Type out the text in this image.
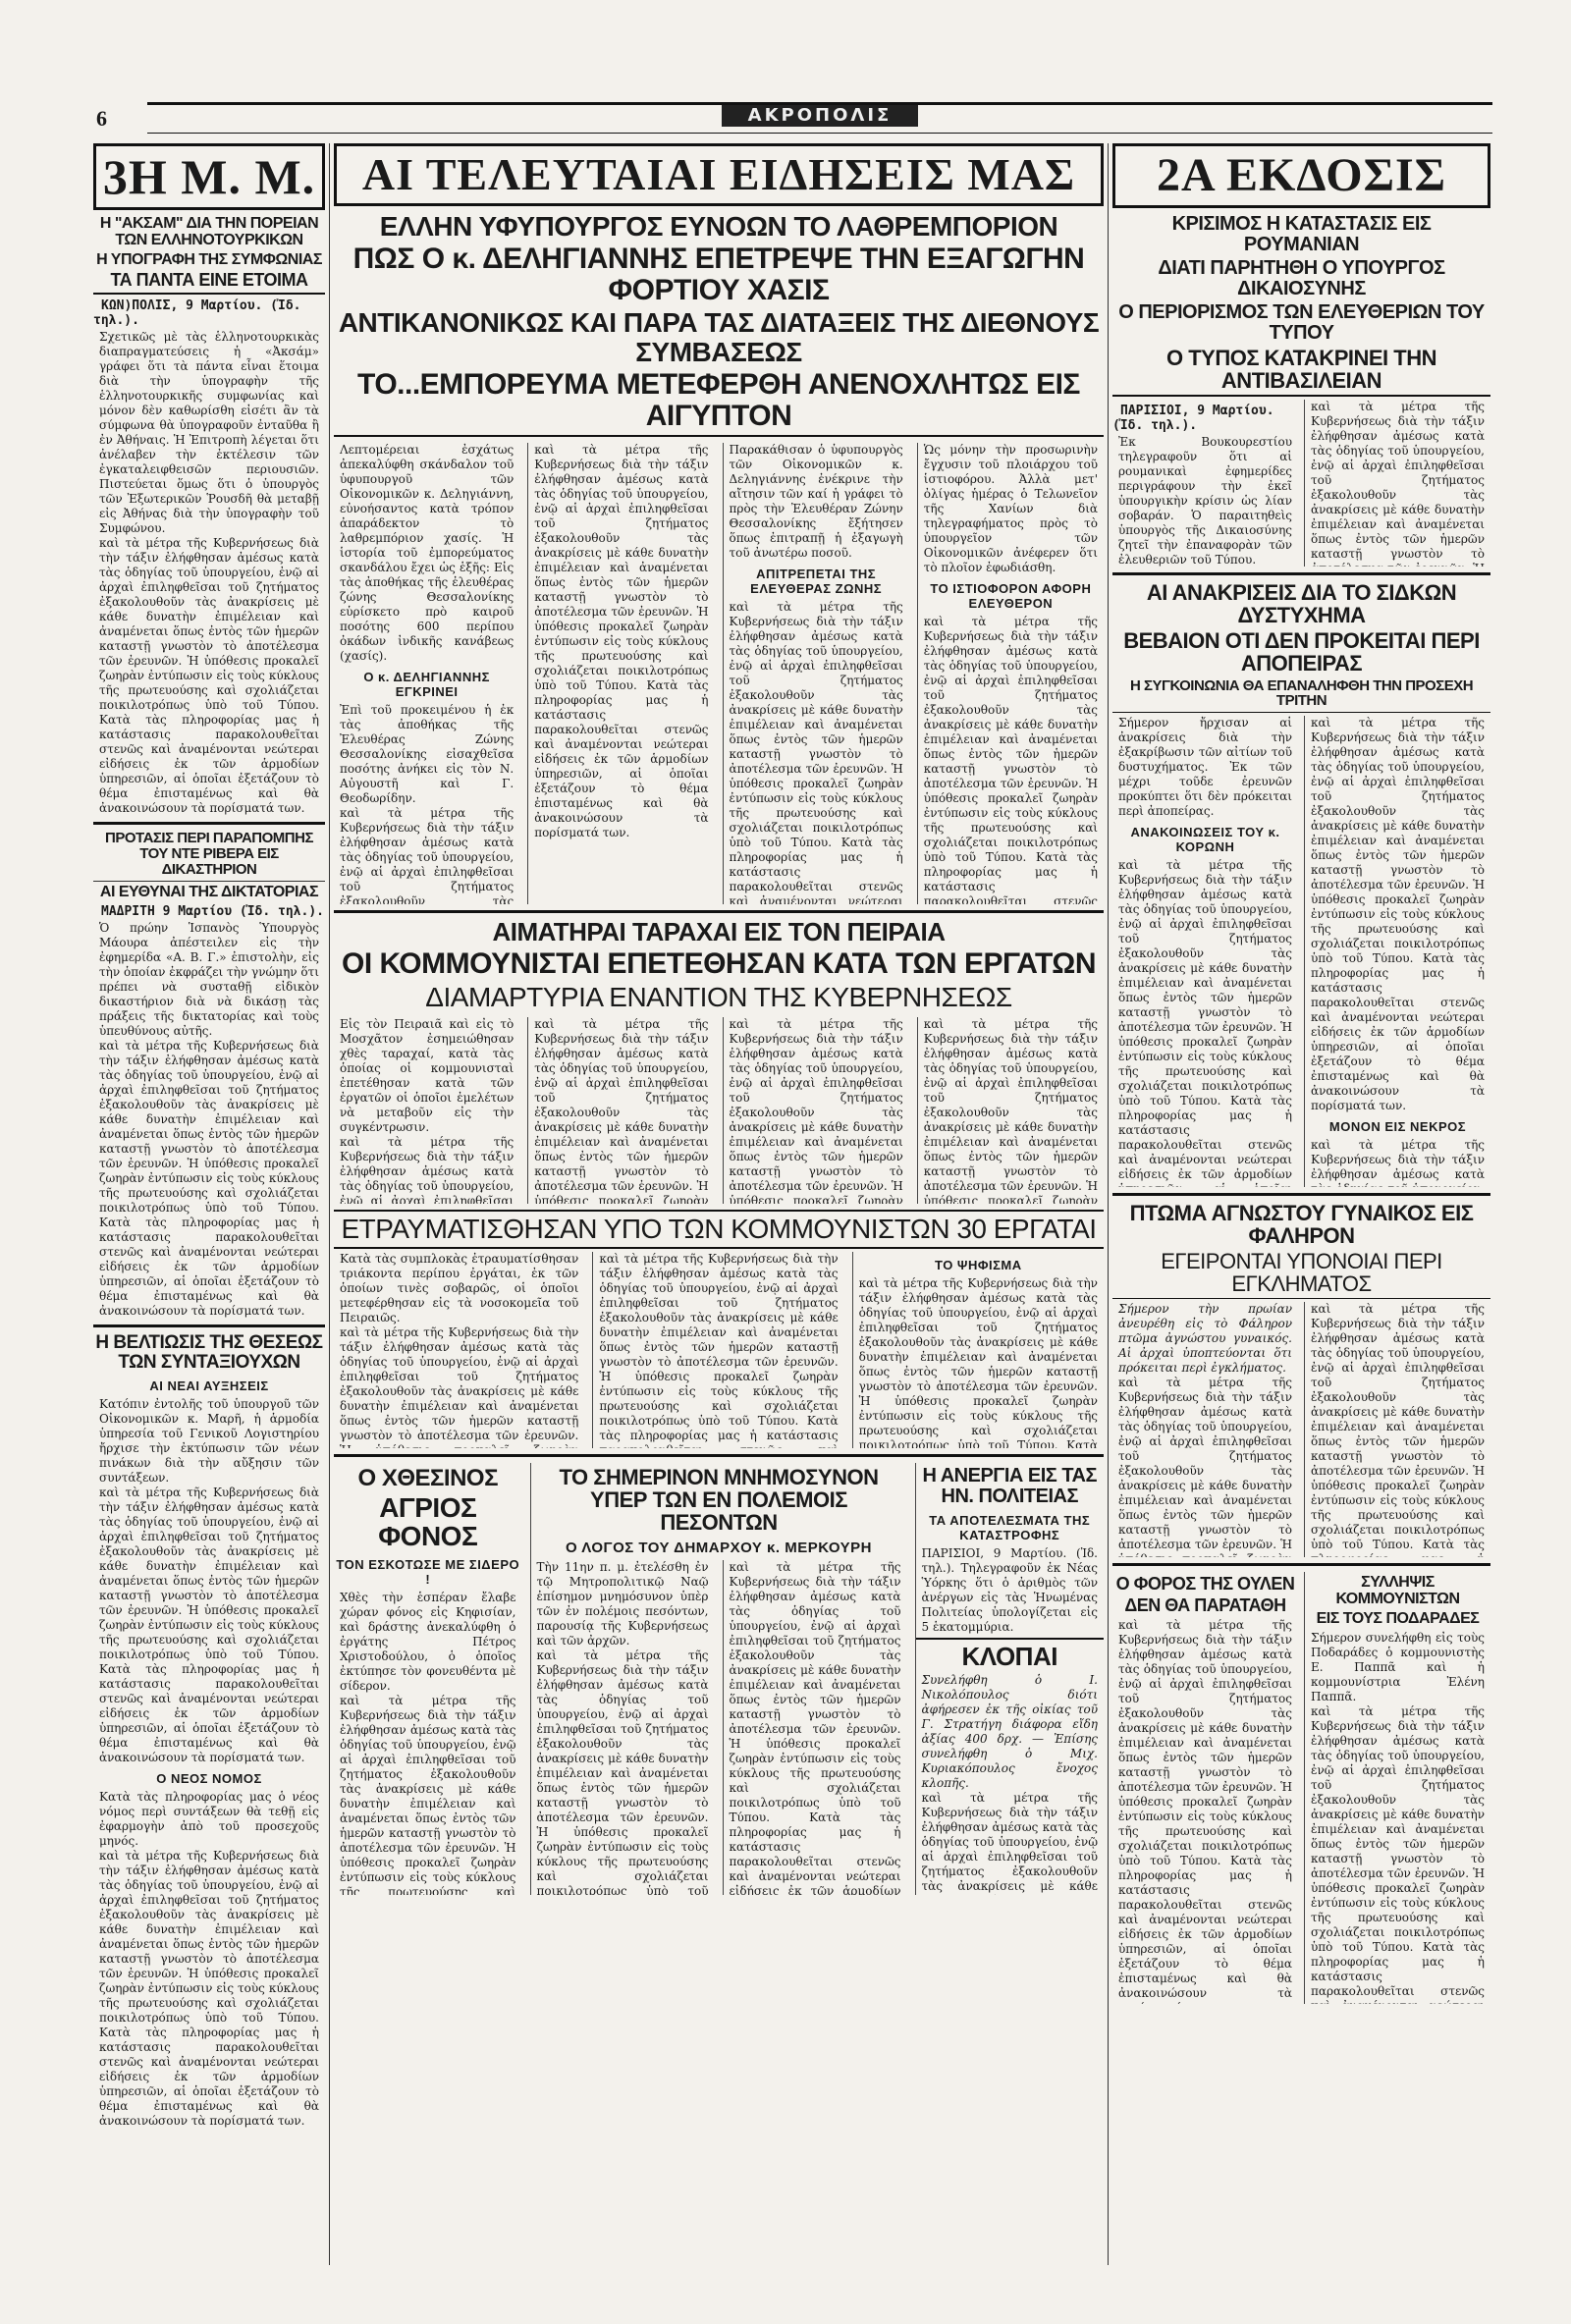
6	ΑΚΡΟΠΟΛΙΣ
3Η Μ. Μ.
Η "ΑΚΣΑΜ" ΔΙΑ ΤΗΝ ΠΟΡΕΙΑΝ ΤΩΝ ΕΛΛΗΝΟΤΟΥΡΚΙΚΩΝ
Η ΥΠΟΓΡΑΦΗ ΤΗΣ ΣΥΜΦΩΝΙΑΣ
ΤΑ ΠΑΝΤΑ ΕΙΝΕ ΕΤΟΙΜΑ
ΚΩΝ)ΠΟΛΙΣ, 9 Μαρτίου. (Ἰδ. τηλ.).

Σχετικῶς μὲ τὰς ἑλληνοτουρκικὰς διαπραγματεύσεις ἡ «Ἀκσάμ» γράφει ὅτι τὰ πάντα εἶναι ἕτοιμα διὰ τὴν ὑπογραφὴν τῆς ἑλληνοτουρκικῆς συμφωνίας καὶ μόνον δὲν καθωρίσθη εἰσέτι ἂν τὰ σύμφωνα θὰ ὑπογραφοῦν ἐνταῦθα ἢ ἐν Ἀθήναις. Ἡ Ἐπιτροπὴ λέγεται ὅτι ἀνέλαβεν τὴν ἐκτέλεσιν τῶν ἐγκαταλειφθεισῶν περιουσιῶν. Πιστεύεται ὅμως ὅτι ὁ ὑπουργὸς τῶν Ἐξωτερικῶν Ῥουσδῆ θὰ μεταβῇ εἰς Ἀθήνας διὰ τὴν ὑπογραφὴν τοῦ Συμφώνου.

καὶ τὰ μέτρα τῆς Κυβερνήσεως διὰ τὴν τάξιν ἐλήφθησαν ἀμέσως κατὰ τὰς ὁδηγίας τοῦ ὑπουργείου, ἐνῷ αἱ ἀρχαὶ ἐπιληφθεῖσαι τοῦ ζητήματος ἐξακολουθοῦν τὰς ἀνακρίσεις μὲ κάθε δυνατὴν ἐπιμέλειαν καὶ ἀναμένεται ὅπως ἐντὸς τῶν ἡμερῶν καταστῇ γνωστὸν τὸ ἀποτέλεσμα τῶν ἐρευνῶν. Ἡ ὑπόθεσις προκαλεῖ ζωηρὰν ἐντύπωσιν εἰς τοὺς κύκλους τῆς πρωτευούσης καὶ σχολιάζεται ποικιλοτρόπως ὑπὸ τοῦ Τύπου. Κατὰ τὰς πληροφορίας μας ἡ κατάστασις παρακολουθεῖται στενῶς καὶ ἀναμένονται νεώτεραι εἰδήσεις ἐκ τῶν ἁρμοδίων ὑπηρεσιῶν, αἱ ὁποῖαι ἐξετάζουν τὸ θέμα ἐπισταμένως καὶ θὰ ἀνακοινώσουν τὰ πορίσματά των.

ΠΡΟΤΑΣΙΣ ΠΕΡΙ ΠΑΡΑΠΟΜΠΗΣ ΤΟΥ ΝΤΕ ΡΙΒΕΡΑ ΕΙΣ ΔΙΚΑΣΤΗΡΙΟΝ
ΑΙ ΕΥΘΥΝΑΙ ΤΗΣ ΔΙΚΤΑΤΟΡΙΑΣ
ΜΑΔΡΙΤΗ 9 Μαρτίου (Ἰδ. τηλ.).

Ὁ πρώην Ἱσπανὸς Ὑπουργὸς Μάουρα ἀπέστειλεν εἰς τὴν ἐφημερίδα «Α. Β. Γ.» ἐπιστολὴν, εἰς τὴν ὁποίαν ἐκφράζει τὴν γνώμην ὅτι πρέπει νὰ συσταθῇ εἰδικὸν δικαστήριον διὰ νὰ δικάσῃ τὰς πράξεις τῆς δικτατορίας καὶ τοὺς ὑπευθύνους αὐτῆς.

καὶ τὰ μέτρα τῆς Κυβερνήσεως διὰ τὴν τάξιν ἐλήφθησαν ἀμέσως κατὰ τὰς ὁδηγίας τοῦ ὑπουργείου, ἐνῷ αἱ ἀρχαὶ ἐπιληφθεῖσαι τοῦ ζητήματος ἐξακολουθοῦν τὰς ἀνακρίσεις μὲ κάθε δυνατὴν ἐπιμέλειαν καὶ ἀναμένεται ὅπως ἐντὸς τῶν ἡμερῶν καταστῇ γνωστὸν τὸ ἀποτέλεσμα τῶν ἐρευνῶν. Ἡ ὑπόθεσις προκαλεῖ ζωηρὰν ἐντύπωσιν εἰς τοὺς κύκλους τῆς πρωτευούσης καὶ σχολιάζεται ποικιλοτρόπως ὑπὸ τοῦ Τύπου. Κατὰ τὰς πληροφορίας μας ἡ κατάστασις παρακολουθεῖται στενῶς καὶ ἀναμένονται νεώτεραι εἰδήσεις ἐκ τῶν ἁρμοδίων ὑπηρεσιῶν, αἱ ὁποῖαι ἐξετάζουν τὸ θέμα ἐπισταμένως καὶ θὰ ἀνακοινώσουν τὰ πορίσματά των.

Η ΒΕΛΤΙΩΣΙΣ ΤΗΣ ΘΕΣΕΩΣ ΤΩΝ ΣΥΝΤΑΞΙΟΥΧΩΝ
ΑΙ ΝΕΑΙ ΑΥΞΗΣΕΙΣ

Κατόπιν ἐντολῆς τοῦ ὑπουργοῦ τῶν Οἰκονομικῶν κ. Μαρῆ, ἡ ἁρμοδία ὑπηρεσία τοῦ Γενικοῦ Λογιστηρίου ἤρχισε τὴν ἐκτύπωσιν τῶν νέων πινάκων διὰ τὴν αὔξησιν τῶν συντάξεων.

καὶ τὰ μέτρα τῆς Κυβερνήσεως διὰ τὴν τάξιν ἐλήφθησαν ἀμέσως κατὰ τὰς ὁδηγίας τοῦ ὑπουργείου, ἐνῷ αἱ ἀρχαὶ ἐπιληφθεῖσαι τοῦ ζητήματος ἐξακολουθοῦν τὰς ἀνακρίσεις μὲ κάθε δυνατὴν ἐπιμέλειαν καὶ ἀναμένεται ὅπως ἐντὸς τῶν ἡμερῶν καταστῇ γνωστὸν τὸ ἀποτέλεσμα τῶν ἐρευνῶν. Ἡ ὑπόθεσις προκαλεῖ ζωηρὰν ἐντύπωσιν εἰς τοὺς κύκλους τῆς πρωτευούσης καὶ σχολιάζεται ποικιλοτρόπως ὑπὸ τοῦ Τύπου. Κατὰ τὰς πληροφορίας μας ἡ κατάστασις παρακολουθεῖται στενῶς καὶ ἀναμένονται νεώτεραι εἰδήσεις ἐκ τῶν ἁρμοδίων ὑπηρεσιῶν, αἱ ὁποῖαι ἐξετάζουν τὸ θέμα ἐπισταμένως καὶ θὰ ἀνακοινώσουν τὰ πορίσματά των.

Ο ΝΕΟΣ ΝΟΜΟΣ

Κατὰ τὰς πληροφορίας μας ὁ νέος νόμος περὶ συντάξεων θὰ τεθῇ εἰς ἐφαρμογὴν ἀπὸ τοῦ προσεχοῦς μηνός.

καὶ τὰ μέτρα τῆς Κυβερνήσεως διὰ τὴν τάξιν ἐλήφθησαν ἀμέσως κατὰ τὰς ὁδηγίας τοῦ ὑπουργείου, ἐνῷ αἱ ἀρχαὶ ἐπιληφθεῖσαι τοῦ ζητήματος ἐξακολουθοῦν τὰς ἀνακρίσεις μὲ κάθε δυνατὴν ἐπιμέλειαν καὶ ἀναμένεται ὅπως ἐντὸς τῶν ἡμερῶν καταστῇ γνωστὸν τὸ ἀποτέλεσμα τῶν ἐρευνῶν. Ἡ ὑπόθεσις προκαλεῖ ζωηρὰν ἐντύπωσιν εἰς τοὺς κύκλους τῆς πρωτευούσης καὶ σχολιάζεται ποικιλοτρόπως ὑπὸ τοῦ Τύπου. Κατὰ τὰς πληροφορίας μας ἡ κατάστασις παρακολουθεῖται στενῶς καὶ ἀναμένονται νεώτεραι εἰδήσεις ἐκ τῶν ἁρμοδίων ὑπηρεσιῶν, αἱ ὁποῖαι ἐξετάζουν τὸ θέμα ἐπισταμένως καὶ θὰ ἀνακοινώσουν τὰ πορίσματά των.

ΑΙ ΤΕΛΕΥΤΑΙΑΙ ΕΙΔΗΣΕΙΣ ΜΑΣ
ΕΛΛΗΝ ΥΦΥΠΟΥΡΓΟΣ ΕΥΝΟΩΝ ΤΟ ΛΑΘΡΕΜΠΟΡΙΟΝ
ΠΩΣ Ο κ. ΔΕΛΗΓΙΑΝΝΗΣ ΕΠΕΤΡΕΨΕ ΤΗΝ ΕΞΑΓΩΓΗΝ ΦΟΡΤΙΟΥ ΧΑΣΙΣ
ΑΝΤΙΚΑΝΟΝΙΚΩΣ ΚΑΙ ΠΑΡΑ ΤΑΣ ΔΙΑΤΑΞΕΙΣ ΤΗΣ ΔΙΕΘΝΟΥΣ ΣΥΜΒΑΣΕΩΣ
ΤΟ...ΕΜΠΟΡΕΥΜΑ ΜΕΤΕΦΕΡΘΗ ΑΝΕΝΟΧΛΗΤΩΣ ΕΙΣ ΑΙΓΥΠΤΟΝ

Λεπτομέρειαι ἐσχάτως ἀπεκαλύφθη σκάνδαλον τοῦ ὑφυπουργοῦ τῶν Οἰκονομικῶν κ. Δεληγιάννη, εὐνοήσαντος κατὰ τρόπον ἀπαράδεκτον τὸ λαθρεμπόριον χασίς. Ἡ ἱστορία τοῦ ἐμπορεύματος σκανδάλου ἔχει ὡς ἑξῆς: Εἰς τὰς ἀποθήκας τῆς ἐλευθέρας ζώνης Θεσσαλονίκης εὑρίσκετο πρὸ καιροῦ ποσότης 600 περίπου ὀκάδων ἰνδικῆς κανάβεως (χασίς).

Ο κ. ΔΕΛΗΓΙΑΝΝΗΣ ΕΓΚΡΙΝΕΙ

Ἐπὶ τοῦ προκειμένου ἡ ἐκ τὰς ἀποθήκας τῆς Ἐλευθέρας Ζώνης Θεσσαλονίκης εἰσαχθεῖσα ποσότης ἀνήκει εἰς τὸν Ν. Αὐγουστῆ καὶ Γ. Θεοδωρίδην.

καὶ τὰ μέτρα τῆς Κυβερνήσεως διὰ τὴν τάξιν ἐλήφθησαν ἀμέσως κατὰ τὰς ὁδηγίας τοῦ ὑπουργείου, ἐνῷ αἱ ἀρχαὶ ἐπιληφθεῖσαι τοῦ ζητήματος ἐξακολουθοῦν τὰς ἀνακρίσεις μὲ κάθε δυνατὴν ἐπιμέλειαν καὶ ἀναμένεται ὅπως ἐντὸς τῶν ἡμερῶν καταστῇ γνωστὸν τὸ ἀποτέλεσμα τῶν ἐρευνῶν. Ἡ ὑπόθεσις προκαλεῖ ζωηρὰν ἐντύπωσιν εἰς τοὺς κύκλους τῆς πρωτευούσης καὶ σχολιάζεται ποικιλοτρόπως ὑπὸ τοῦ Τύπου. Κατὰ τὰς πληροφορίας μας ἡ κατάστασις παρακολουθεῖται στενῶς καὶ ἀναμένονται νεώτεραι εἰδήσεις ἐκ τῶν ἁρμοδίων ὑπηρεσιῶν, αἱ ὁποῖαι ἐξετάζουν τὸ θέμα ἐπισταμένως καὶ θὰ ἀνακοινώσουν τὰ πορίσματά των.

καὶ τὰ μέτρα τῆς Κυβερνήσεως διὰ τὴν τάξιν ἐλήφθησαν ἀμέσως κατὰ τὰς ὁδηγίας τοῦ ὑπουργείου, ἐνῷ αἱ ἀρχαὶ ἐπιληφθεῖσαι τοῦ ζητήματος ἐξακολουθοῦν τὰς ἀνακρίσεις μὲ κάθε δυνατὴν ἐπιμέλειαν καὶ ἀναμένεται ὅπως ἐντὸς τῶν ἡμερῶν καταστῇ γνωστὸν τὸ ἀποτέλεσμα τῶν ἐρευνῶν. Ἡ ὑπόθεσις προκαλεῖ ζωηρὰν ἐντύπωσιν εἰς τοὺς κύκλους τῆς πρωτευούσης καὶ σχολιάζεται ποικιλοτρόπως ὑπὸ τοῦ Τύπου. Κατὰ τὰς πληροφορίας μας ἡ κατάστασις παρακολουθεῖται στενῶς καὶ ἀναμένονται νεώτεραι εἰδήσεις ἐκ τῶν ἁρμοδίων ὑπηρεσιῶν, αἱ ὁποῖαι ἐξετάζουν τὸ θέμα ἐπισταμένως καὶ θὰ ἀνακοινώσουν τὰ πορίσματά των.

Παρακάθισαν ὁ ὑφυπουργὸς τῶν Οἰκονομικῶν κ. Δεληγιάννης ἐνέκρινε τὴν αἴτησιν τῶν καί ἡ γράφει τὸ πρὸς τὴν Ἐλευθέραν Ζώνην Θεσσαλονίκης ἔξήτησεν ὅπως ἐπιτραπῇ ἡ ἐξαγωγὴ τοῦ ἀνωτέρω ποσοῦ.

ΑΠΙΤΡΕΠΕΤΑΙ ΤΗΣ ΕΛΕΥΘΕΡΑΣ ΖΩΝΗΣ

καὶ τὰ μέτρα τῆς Κυβερνήσεως διὰ τὴν τάξιν ἐλήφθησαν ἀμέσως κατὰ τὰς ὁδηγίας τοῦ ὑπουργείου, ἐνῷ αἱ ἀρχαὶ ἐπιληφθεῖσαι τοῦ ζητήματος ἐξακολουθοῦν τὰς ἀνακρίσεις μὲ κάθε δυνατὴν ἐπιμέλειαν καὶ ἀναμένεται ὅπως ἐντὸς τῶν ἡμερῶν καταστῇ γνωστὸν τὸ ἀποτέλεσμα τῶν ἐρευνῶν. Ἡ ὑπόθεσις προκαλεῖ ζωηρὰν ἐντύπωσιν εἰς τοὺς κύκλους τῆς πρωτευούσης καὶ σχολιάζεται ποικιλοτρόπως ὑπὸ τοῦ Τύπου. Κατὰ τὰς πληροφορίας μας ἡ κατάστασις παρακολουθεῖται στενῶς καὶ ἀναμένονται νεώτεραι εἰδήσεις ἐκ τῶν ἁρμοδίων ὑπηρεσιῶν, αἱ ὁποῖαι ἐξετάζουν τὸ θέμα ἐπισταμένως καὶ θὰ ἀνακοινώσουν τὰ πορίσματά των.

Ὡς μόνην τὴν προσωρινὴν ἔγχυσιν τοῦ πλοιάρχου τοῦ ἱστιοφόρου. Ἀλλὰ μετ' ὀλίγας ἡμέρας ὁ Τελωνεῖον τῆς Χανίων διὰ τηλεγραφήματος πρὸς τὸ ὑπουργεῖον τῶν Οἰκονομικῶν ἀνέφερεν ὅτι τὸ πλοῖον ἐφωδιάσθη.

ΤΟ ΙΣΤΙΟΦΟΡΟΝ ΑΦΟΡΗ ΕΛΕΥΘΕΡΟΝ

καὶ τὰ μέτρα τῆς Κυβερνήσεως διὰ τὴν τάξιν ἐλήφθησαν ἀμέσως κατὰ τὰς ὁδηγίας τοῦ ὑπουργείου, ἐνῷ αἱ ἀρχαὶ ἐπιληφθεῖσαι τοῦ ζητήματος ἐξακολουθοῦν τὰς ἀνακρίσεις μὲ κάθε δυνατὴν ἐπιμέλειαν καὶ ἀναμένεται ὅπως ἐντὸς τῶν ἡμερῶν καταστῇ γνωστὸν τὸ ἀποτέλεσμα τῶν ἐρευνῶν. Ἡ ὑπόθεσις προκαλεῖ ζωηρὰν ἐντύπωσιν εἰς τοὺς κύκλους τῆς πρωτευούσης καὶ σχολιάζεται ποικιλοτρόπως ὑπὸ τοῦ Τύπου. Κατὰ τὰς πληροφορίας μας ἡ κατάστασις παρακολουθεῖται στενῶς καὶ ἀναμένονται νεώτεραι εἰδήσεις ἐκ τῶν ἁρμοδίων ὑπηρεσιῶν, αἱ ὁποῖαι ἐξετάζουν τὸ θέμα ἐπισταμένως καὶ θὰ ἀνακοινώσουν τὰ πορίσματά των.

ΑΙΜΑΤΗΡΑΙ ΤΑΡΑΧΑΙ ΕΙΣ ΤΟΝ ΠΕΙΡΑΙΑ
ΟΙ ΚΟΜΜΟΥΝΙΣΤΑΙ ΕΠΕΤΕΘΗΣΑΝ ΚΑΤΑ ΤΩΝ ΕΡΓΑΤΩΝ
ΔΙΑΜΑΡΤΥΡΙΑ ΕΝΑΝΤΙΟΝ ΤΗΣ ΚΥΒΕΡΝΗΣΕΩΣ

Εἰς τὸν Πειραιᾶ καὶ εἰς τὸ Μοσχᾶτον ἐσημειώθησαν χθὲς ταραχαί, κατὰ τὰς ὁποίας οἱ κομμουνισταὶ ἐπετέθησαν κατὰ τῶν ἐργατῶν οἱ ὁποῖοι ἐμελέτων νὰ μεταβοῦν εἰς τὴν συγκέντρωσιν.

καὶ τὰ μέτρα τῆς Κυβερνήσεως διὰ τὴν τάξιν ἐλήφθησαν ἀμέσως κατὰ τὰς ὁδηγίας τοῦ ὑπουργείου, ἐνῷ αἱ ἀρχαὶ ἐπιληφθεῖσαι τοῦ ζητήματος ἐξακολουθοῦν τὰς ἀνακρίσεις μὲ κάθε δυνατὴν ἐπιμέλειαν καὶ ἀναμένεται ὅπως ἐντὸς τῶν ἡμερῶν καταστῇ γνωστὸν τὸ ἀποτέλεσμα τῶν ἐρευνῶν. Ἡ ὑπόθεσις προκαλεῖ ζωηρὰν ἐντύπωσιν εἰς τοὺς κύκλους τῆς πρωτευούσης καὶ σχολιάζεται ποικιλοτρόπως ὑπὸ τοῦ Τύπου. Κατὰ τὰς πληροφορίας μας ἡ κατάστασις παρακολουθεῖται στενῶς καὶ ἀναμένονται νεώτεραι εἰδήσεις ἐκ τῶν ἁρμοδίων ὑπηρεσιῶν, αἱ ὁποῖαι ἐξετάζουν τὸ θέμα ἐπισταμένως καὶ θὰ ἀνακοινώσουν τὰ πορίσματά των.

καὶ τὰ μέτρα τῆς Κυβερνήσεως διὰ τὴν τάξιν ἐλήφθησαν ἀμέσως κατὰ τὰς ὁδηγίας τοῦ ὑπουργείου, ἐνῷ αἱ ἀρχαὶ ἐπιληφθεῖσαι τοῦ ζητήματος ἐξακολουθοῦν τὰς ἀνακρίσεις μὲ κάθε δυνατὴν ἐπιμέλειαν καὶ ἀναμένεται ὅπως ἐντὸς τῶν ἡμερῶν καταστῇ γνωστὸν τὸ ἀποτέλεσμα τῶν ἐρευνῶν. Ἡ ὑπόθεσις προκαλεῖ ζωηρὰν ἐντύπωσιν εἰς τοὺς κύκλους τῆς πρωτευούσης καὶ σχολιάζεται ποικιλοτρόπως ὑπὸ τοῦ Τύπου. Κατὰ τὰς πληροφορίας μας ἡ κατάστασις παρακολουθεῖται στενῶς καὶ ἀναμένονται νεώτεραι εἰδήσεις ἐκ τῶν ἁρμοδίων ὑπηρεσιῶν, αἱ ὁποῖαι ἐξετάζουν τὸ θέμα ἐπισταμένως καὶ θὰ ἀνακοινώσουν τὰ πορίσματά των.

καὶ τὰ μέτρα τῆς Κυβερνήσεως διὰ τὴν τάξιν ἐλήφθησαν ἀμέσως κατὰ τὰς ὁδηγίας τοῦ ὑπουργείου, ἐνῷ αἱ ἀρχαὶ ἐπιληφθεῖσαι τοῦ ζητήματος ἐξακολουθοῦν τὰς ἀνακρίσεις μὲ κάθε δυνατὴν ἐπιμέλειαν καὶ ἀναμένεται ὅπως ἐντὸς τῶν ἡμερῶν καταστῇ γνωστὸν τὸ ἀποτέλεσμα τῶν ἐρευνῶν. Ἡ ὑπόθεσις προκαλεῖ ζωηρὰν ἐντύπωσιν εἰς τοὺς κύκλους τῆς πρωτευούσης καὶ σχολιάζεται ποικιλοτρόπως ὑπὸ τοῦ Τύπου. Κατὰ τὰς πληροφορίας μας ἡ κατάστασις παρακολουθεῖται στενῶς καὶ ἀναμένονται νεώτεραι εἰδήσεις ἐκ τῶν ἁρμοδίων ὑπηρεσιῶν, αἱ ὁποῖαι ἐξετάζουν τὸ θέμα ἐπισταμένως καὶ θὰ ἀνακοινώσουν τὰ πορίσματά των.

καὶ τὰ μέτρα τῆς Κυβερνήσεως διὰ τὴν τάξιν ἐλήφθησαν ἀμέσως κατὰ τὰς ὁδηγίας τοῦ ὑπουργείου, ἐνῷ αἱ ἀρχαὶ ἐπιληφθεῖσαι τοῦ ζητήματος ἐξακολουθοῦν τὰς ἀνακρίσεις μὲ κάθε δυνατὴν ἐπιμέλειαν καὶ ἀναμένεται ὅπως ἐντὸς τῶν ἡμερῶν καταστῇ γνωστὸν τὸ ἀποτέλεσμα τῶν ἐρευνῶν. Ἡ ὑπόθεσις προκαλεῖ ζωηρὰν ἐντύπωσιν εἰς τοὺς κύκλους τῆς πρωτευούσης καὶ σχολιάζεται ποικιλοτρόπως ὑπὸ τοῦ Τύπου. Κατὰ τὰς πληροφορίας μας ἡ κατάστασις παρακολουθεῖται στενῶς καὶ ἀναμένονται νεώτεραι εἰδήσεις ἐκ τῶν ἁρμοδίων ὑπηρεσιῶν, αἱ ὁποῖαι ἐξετάζουν τὸ θέμα ἐπισταμένως καὶ θὰ ἀνακοινώσουν τὰ πορίσματά των.

ΕΤΡΑΥΜΑΤΙΣΘΗΣΑΝ ΥΠΟ ΤΩΝ ΚΟΜΜΟΥΝΙΣΤΩΝ 30 ΕΡΓΑΤΑΙ

Κατὰ τὰς συμπλοκὰς ἐτραυματίσθησαν τριάκοντα περίπου ἐργάται, ἐκ τῶν ὁποίων τινὲς σοβαρῶς, οἱ ὁποῖοι μετεφέρθησαν εἰς τὰ νοσοκομεῖα τοῦ Πειραιῶς.

καὶ τὰ μέτρα τῆς Κυβερνήσεως διὰ τὴν τάξιν ἐλήφθησαν ἀμέσως κατὰ τὰς ὁδηγίας τοῦ ὑπουργείου, ἐνῷ αἱ ἀρχαὶ ἐπιληφθεῖσαι τοῦ ζητήματος ἐξακολουθοῦν τὰς ἀνακρίσεις μὲ κάθε δυνατὴν ἐπιμέλειαν καὶ ἀναμένεται ὅπως ἐντὸς τῶν ἡμερῶν καταστῇ γνωστὸν τὸ ἀποτέλεσμα τῶν ἐρευνῶν. Ἡ ὑπόθεσις προκαλεῖ ζωηρὰν ἐντύπωσιν εἰς τοὺς κύκλους τῆς πρωτευούσης καὶ σχολιάζεται ποικιλοτρόπως ὑπὸ τοῦ Τύπου. Κατὰ τὰς πληροφορίας μας ἡ κατάστασις παρακολουθεῖται στενῶς καὶ ἀναμένονται νεώτεραι εἰδήσεις ἐκ τῶν ἁρμοδίων ὑπηρεσιῶν, αἱ ὁποῖαι ἐξετάζουν τὸ θέμα ἐπισταμένως καὶ θὰ ἀνακοινώσουν τὰ πορίσματά των.

καὶ τὰ μέτρα τῆς Κυβερνήσεως διὰ τὴν τάξιν ἐλήφθησαν ἀμέσως κατὰ τὰς ὁδηγίας τοῦ ὑπουργείου, ἐνῷ αἱ ἀρχαὶ ἐπιληφθεῖσαι τοῦ ζητήματος ἐξακολουθοῦν τὰς ἀνακρίσεις μὲ κάθε δυνατὴν ἐπιμέλειαν καὶ ἀναμένεται ὅπως ἐντὸς τῶν ἡμερῶν καταστῇ γνωστὸν τὸ ἀποτέλεσμα τῶν ἐρευνῶν. Ἡ ὑπόθεσις προκαλεῖ ζωηρὰν ἐντύπωσιν εἰς τοὺς κύκλους τῆς πρωτευούσης καὶ σχολιάζεται ποικιλοτρόπως ὑπὸ τοῦ Τύπου. Κατὰ τὰς πληροφορίας μας ἡ κατάστασις παρακολουθεῖται στενῶς καὶ ἀναμένονται νεώτεραι εἰδήσεις ἐκ τῶν ἁρμοδίων ὑπηρεσιῶν, αἱ ὁποῖαι ἐξετάζουν τὸ θέμα ἐπισταμένως καὶ θὰ ἀνακοινώσουν τὰ πορίσματά των.

ΤΟ ΨΗΦΙΣΜΑ

καὶ τὰ μέτρα τῆς Κυβερνήσεως διὰ τὴν τάξιν ἐλήφθησαν ἀμέσως κατὰ τὰς ὁδηγίας τοῦ ὑπουργείου, ἐνῷ αἱ ἀρχαὶ ἐπιληφθεῖσαι τοῦ ζητήματος ἐξακολουθοῦν τὰς ἀνακρίσεις μὲ κάθε δυνατὴν ἐπιμέλειαν καὶ ἀναμένεται ὅπως ἐντὸς τῶν ἡμερῶν καταστῇ γνωστὸν τὸ ἀποτέλεσμα τῶν ἐρευνῶν. Ἡ ὑπόθεσις προκαλεῖ ζωηρὰν ἐντύπωσιν εἰς τοὺς κύκλους τῆς πρωτευούσης καὶ σχολιάζεται ποικιλοτρόπως ὑπὸ τοῦ Τύπου. Κατὰ τὰς πληροφορίας μας ἡ κατάστασις παρακολουθεῖται στενῶς καὶ ἀναμένονται νεώτεραι εἰδήσεις ἐκ τῶν ἁρμοδίων ὑπηρεσιῶν, αἱ ὁποῖαι ἐξετάζουν τὸ θέμα ἐπισταμένως καὶ θὰ ἀνακοινώσουν τὰ πορίσματά των.

Ο ΧΘΕΣΙΝΟΣ
ΑΓΡΙΟΣ ΦΟΝΟΣ
ΤΟΝ ΕΣΚΟΤΩΣΕ ΜΕ ΣΙΔΕΡΟ !

Χθὲς τὴν ἑσπέραν ἔλαβε χώραν φόνος εἰς Κηφισίαν, καὶ δράστης ἀνεκαλύφθη ὁ ἐργάτης Πέτρος Χριστοδούλου, ὁ ὁποῖος ἐκτύπησε τὸν φονευθέντα μὲ σίδερον.

καὶ τὰ μέτρα τῆς Κυβερνήσεως διὰ τὴν τάξιν ἐλήφθησαν ἀμέσως κατὰ τὰς ὁδηγίας τοῦ ὑπουργείου, ἐνῷ αἱ ἀρχαὶ ἐπιληφθεῖσαι τοῦ ζητήματος ἐξακολουθοῦν τὰς ἀνακρίσεις μὲ κάθε δυνατὴν ἐπιμέλειαν καὶ ἀναμένεται ὅπως ἐντὸς τῶν ἡμερῶν καταστῇ γνωστὸν τὸ ἀποτέλεσμα τῶν ἐρευνῶν. Ἡ ὑπόθεσις προκαλεῖ ζωηρὰν ἐντύπωσιν εἰς τοὺς κύκλους τῆς πρωτευούσης καὶ σχολιάζεται ποικιλοτρόπως ὑπὸ τοῦ Τύπου. Κατὰ τὰς πληροφορίας μας ἡ κατάστασις παρακολουθεῖται στενῶς καὶ ἀναμένονται νεώτεραι εἰδήσεις ἐκ τῶν ἁρμοδίων ὑπηρεσιῶν, αἱ ὁποῖαι ἐξετάζουν τὸ θέμα ἐπισταμένως καὶ θὰ ἀνακοινώσουν τὰ πορίσματά των.

ΤΟ ΣΗΜΕΡΙΝΟΝ ΜΝΗΜΟΣΥΝΟΝ ΥΠΕΡ ΤΩΝ ΕΝ ΠΟΛΕΜΟΙΣ ΠΕΣΟΝΤΩΝ
Ο ΛΟΓΟΣ ΤΟΥ ΔΗΜΑΡΧΟΥ κ. ΜΕΡΚΟΥΡΗ

Τὴν 11ην π. μ. ἐτελέσθη ἐν τῷ Μητροπολιτικῷ Ναῷ ἐπίσημον μνημόσυνον ὑπὲρ τῶν ἐν πολέμοις πεσόντων, παρουσίᾳ τῆς Κυβερνήσεως καὶ τῶν ἀρχῶν.

καὶ τὰ μέτρα τῆς Κυβερνήσεως διὰ τὴν τάξιν ἐλήφθησαν ἀμέσως κατὰ τὰς ὁδηγίας τοῦ ὑπουργείου, ἐνῷ αἱ ἀρχαὶ ἐπιληφθεῖσαι τοῦ ζητήματος ἐξακολουθοῦν τὰς ἀνακρίσεις μὲ κάθε δυνατὴν ἐπιμέλειαν καὶ ἀναμένεται ὅπως ἐντὸς τῶν ἡμερῶν καταστῇ γνωστὸν τὸ ἀποτέλεσμα τῶν ἐρευνῶν. Ἡ ὑπόθεσις προκαλεῖ ζωηρὰν ἐντύπωσιν εἰς τοὺς κύκλους τῆς πρωτευούσης καὶ σχολιάζεται ποικιλοτρόπως ὑπὸ τοῦ Τύπου. Κατὰ τὰς πληροφορίας μας ἡ κατάστασις παρακολουθεῖται στενῶς καὶ ἀναμένονται νεώτεραι εἰδήσεις ἐκ τῶν ἁρμοδίων ὑπηρεσιῶν, αἱ ὁποῖαι ἐξετάζουν τὸ θέμα ἐπισταμένως καὶ θὰ ἀνακοινώσουν τὰ πορίσματά των.

καὶ τὰ μέτρα τῆς Κυβερνήσεως διὰ τὴν τάξιν ἐλήφθησαν ἀμέσως κατὰ τὰς ὁδηγίας τοῦ ὑπουργείου, ἐνῷ αἱ ἀρχαὶ ἐπιληφθεῖσαι τοῦ ζητήματος ἐξακολουθοῦν τὰς ἀνακρίσεις μὲ κάθε δυνατὴν ἐπιμέλειαν καὶ ἀναμένεται ὅπως ἐντὸς τῶν ἡμερῶν καταστῇ γνωστὸν τὸ ἀποτέλεσμα τῶν ἐρευνῶν. Ἡ ὑπόθεσις προκαλεῖ ζωηρὰν ἐντύπωσιν εἰς τοὺς κύκλους τῆς πρωτευούσης καὶ σχολιάζεται ποικιλοτρόπως ὑπὸ τοῦ Τύπου. Κατὰ τὰς πληροφορίας μας ἡ κατάστασις παρακολουθεῖται στενῶς καὶ ἀναμένονται νεώτεραι εἰδήσεις ἐκ τῶν ἁρμοδίων ὑπηρεσιῶν, αἱ ὁποῖαι ἐξετάζουν τὸ θέμα ἐπισταμένως καὶ θὰ ἀνακοινώσουν τὰ πορίσματά των.

Η ΑΝΕΡΓΙΑ ΕΙΣ ΤΑΣ ΗΝ. ΠΟΛΙΤΕΙΑΣ
ΤΑ ΑΠΟΤΕΛΕΣΜΑΤΑ ΤΗΣ ΚΑΤΑΣΤΡΟΦΗΣ

ΠΑΡΙΣΙΟΙ, 9 Μαρτίου. (Ἰδ. τηλ.). Τηλεγραφοῦν ἐκ Νέας Ὑόρκης ὅτι ὁ ἀριθμὸς τῶν ἀνέργων εἰς τὰς Ἡνωμένας Πολιτείας ὑπολογίζεται εἰς 5 ἑκατομμύρια.

ΚΛΟΠΑΙ

Συνελήφθη ὁ Ι. Νικολόπουλος διότι ἀφήρεσεν ἐκ τῆς οἰκίας τοῦ Γ. Στρατήγη διάφορα εἴδη ἀξίας 400 δρχ. — Ἐπίσης συνελήφθη ὁ Μιχ. Κυριακόπουλος ἔνοχος κλοπῆς.

καὶ τὰ μέτρα τῆς Κυβερνήσεως διὰ τὴν τάξιν ἐλήφθησαν ἀμέσως κατὰ τὰς ὁδηγίας τοῦ ὑπουργείου, ἐνῷ αἱ ἀρχαὶ ἐπιληφθεῖσαι τοῦ ζητήματος ἐξακολουθοῦν τὰς ἀνακρίσεις μὲ κάθε δυνατὴν ἐπιμέλειαν καὶ ἀναμένεται ὅπως ἐντὸς τῶν ἡμερῶν καταστῇ γνωστὸν τὸ ἀποτέλεσμα τῶν ἐρευνῶν. Ἡ ὑπόθεσις προκαλεῖ ζωηρὰν ἐντύπωσιν εἰς τοὺς κύκλους τῆς πρωτευούσης καὶ σχολιάζεται ποικιλοτρόπως ὑπὸ τοῦ Τύπου. Κατὰ τὰς πληροφορίας μας ἡ κατάστασις παρακολουθεῖται στενῶς καὶ ἀναμένονται νεώτεραι εἰδήσεις ἐκ τῶν ἁρμοδίων ὑπηρεσιῶν, αἱ ὁποῖαι ἐξετάζουν τὸ θέμα ἐπισταμένως καὶ θὰ ἀνακοινώσουν τὰ πορίσματά των.

2Α ΕΚΔΟΣΙΣ
ΚΡΙΣΙΜΟΣ Η ΚΑΤΑΣΤΑΣΙΣ ΕΙΣ ΡΟΥΜΑΝΙΑΝ
ΔΙΑΤΙ ΠΑΡΗΤΗΘΗ Ο ΥΠΟΥΡΓΟΣ ΔΙΚΑΙΟΣΥΝΗΣ
Ο ΠΕΡΙΟΡΙΣΜΟΣ ΤΩΝ ΕΛΕΥΘΕΡΙΩΝ ΤΟΥ ΤΥΠΟΥ
Ο ΤΥΠΟΣ ΚΑΤΑΚΡΙΝΕΙ ΤΗΝ ΑΝΤΙΒΑΣΙΛΕΙΑΝ
ΠΑΡΙΣΙΟΙ, 9 Μαρτίου. (Ἰδ. τηλ.).

Ἐκ Βουκουρεστίου τηλεγραφοῦν ὅτι αἱ ρουμανικαὶ ἐφημερίδες περιγράφουν τὴν ἐκεῖ ὑπουργικὴν κρίσιν ὡς λίαν σοβαράν. Ὁ παραιτηθεὶς ὑπουργὸς τῆς Δικαιοσύνης ζητεῖ τὴν ἐπαναφορὰν τῶν ἐλευθεριῶν τοῦ Τύπου.

καὶ τὰ μέτρα τῆς Κυβερνήσεως διὰ τὴν τάξιν ἐλήφθησαν ἀμέσως κατὰ τὰς ὁδηγίας τοῦ ὑπουργείου, ἐνῷ αἱ ἀρχαὶ ἐπιληφθεῖσαι τοῦ ζητήματος ἐξακολουθοῦν τὰς ἀνακρίσεις μὲ κάθε δυνατὴν ἐπιμέλειαν καὶ ἀναμένεται ὅπως ἐντὸς τῶν ἡμερῶν καταστῇ γνωστὸν τὸ ἀποτέλεσμα τῶν ἐρευνῶν. Ἡ ὑπόθεσις προκαλεῖ ζωηρὰν ἐντύπωσιν εἰς τοὺς κύκλους τῆς πρωτευούσης καὶ σχολιάζεται ποικιλοτρόπως ὑπὸ τοῦ Τύπου. Κατὰ τὰς πληροφορίας μας ἡ κατάστασις παρακολουθεῖται στενῶς καὶ ἀναμένονται νεώτεραι εἰδήσεις ἐκ τῶν ἁρμοδίων ὑπηρεσιῶν, αἱ ὁποῖαι ἐξετάζουν τὸ θέμα ἐπισταμένως καὶ θὰ ἀνακοινώσουν τὰ πορίσματά των.

ΑΙ ΑΝΑΚΡΙΣΕΙΣ ΔΙΑ ΤΟ ΣΙΔΚΩΝ ΔΥΣΤΥΧΗΜΑ
ΒΕΒΑΙΟΝ ΟΤΙ ΔΕΝ ΠΡΟΚΕΙΤΑΙ ΠΕΡΙ ΑΠΟΠΕΙΡΑΣ
Η ΣΥΓΚΟΙΝΩΝΙΑ ΘΑ ΕΠΑΝΑΛΗΦΘΗ ΤΗΝ ΠΡΟΣΕΧΗ ΤΡΙΤΗΝ

Σήμερον ἤρχισαν αἱ ἀνακρίσεις διὰ τὴν ἐξακρίβωσιν τῶν αἰτίων τοῦ δυστυχήματος. Ἐκ τῶν μέχρι τοῦδε ἐρευνῶν προκύπτει ὅτι δὲν πρόκειται περὶ ἀποπείρας.

ΑΝΑΚΟΙΝΩΣΕΙΣ ΤΟΥ κ. ΚΟΡΩΝΗ

καὶ τὰ μέτρα τῆς Κυβερνήσεως διὰ τὴν τάξιν ἐλήφθησαν ἀμέσως κατὰ τὰς ὁδηγίας τοῦ ὑπουργείου, ἐνῷ αἱ ἀρχαὶ ἐπιληφθεῖσαι τοῦ ζητήματος ἐξακολουθοῦν τὰς ἀνακρίσεις μὲ κάθε δυνατὴν ἐπιμέλειαν καὶ ἀναμένεται ὅπως ἐντὸς τῶν ἡμερῶν καταστῇ γνωστὸν τὸ ἀποτέλεσμα τῶν ἐρευνῶν. Ἡ ὑπόθεσις προκαλεῖ ζωηρὰν ἐντύπωσιν εἰς τοὺς κύκλους τῆς πρωτευούσης καὶ σχολιάζεται ποικιλοτρόπως ὑπὸ τοῦ Τύπου. Κατὰ τὰς πληροφορίας μας ἡ κατάστασις παρακολουθεῖται στενῶς καὶ ἀναμένονται νεώτεραι εἰδήσεις ἐκ τῶν ἁρμοδίων ὑπηρεσιῶν, αἱ ὁποῖαι ἐξετάζουν τὸ θέμα ἐπισταμένως καὶ θὰ ἀνακοινώσουν τὰ πορίσματά των.

καὶ τὰ μέτρα τῆς Κυβερνήσεως διὰ τὴν τάξιν ἐλήφθησαν ἀμέσως κατὰ τὰς ὁδηγίας τοῦ ὑπουργείου, ἐνῷ αἱ ἀρχαὶ ἐπιληφθεῖσαι τοῦ ζητήματος ἐξακολουθοῦν τὰς ἀνακρίσεις μὲ κάθε δυνατὴν ἐπιμέλειαν καὶ ἀναμένεται ὅπως ἐντὸς τῶν ἡμερῶν καταστῇ γνωστὸν τὸ ἀποτέλεσμα τῶν ἐρευνῶν. Ἡ ὑπόθεσις προκαλεῖ ζωηρὰν ἐντύπωσιν εἰς τοὺς κύκλους τῆς πρωτευούσης καὶ σχολιάζεται ποικιλοτρόπως ὑπὸ τοῦ Τύπου. Κατὰ τὰς πληροφορίας μας ἡ κατάστασις παρακολουθεῖται στενῶς καὶ ἀναμένονται νεώτεραι εἰδήσεις ἐκ τῶν ἁρμοδίων ὑπηρεσιῶν, αἱ ὁποῖαι ἐξετάζουν τὸ θέμα ἐπισταμένως καὶ θὰ ἀνακοινώσουν τὰ πορίσματά των.

ΜΟΝΟΝ ΕΙΣ ΝΕΚΡΟΣ

καὶ τὰ μέτρα τῆς Κυβερνήσεως διὰ τὴν τάξιν ἐλήφθησαν ἀμέσως κατὰ τὰς ὁδηγίας τοῦ ὑπουργείου, ἐνῷ αἱ ἀρχαὶ ἐπιληφθεῖσαι τοῦ ζητήματος ἐξακολουθοῦν τὰς ἀνακρίσεις μὲ κάθε δυνατὴν ἐπιμέλειαν καὶ ἀναμένεται ὅπως ἐντὸς τῶν ἡμερῶν καταστῇ γνωστὸν τὸ ἀποτέλεσμα τῶν ἐρευνῶν. Ἡ ὑπόθεσις προκαλεῖ ζωηρὰν ἐντύπωσιν εἰς τοὺς κύκλους τῆς πρωτευούσης καὶ σχολιάζεται ποικιλοτρόπως ὑπὸ τοῦ Τύπου. Κατὰ τὰς πληροφορίας μας ἡ κατάστασις παρακολουθεῖται στενῶς καὶ ἀναμένονται νεώτεραι εἰδήσεις ἐκ τῶν ἁρμοδίων ὑπηρεσιῶν, αἱ ὁποῖαι ἐξετάζουν τὸ θέμα ἐπισταμένως καὶ θὰ ἀνακοινώσουν τὰ πορίσματά των.

ΠΤΩΜΑ ΑΓΝΩΣΤΟΥ ΓΥΝΑΙΚΟΣ ΕΙΣ ΦΑΛΗΡΟΝ
ΕΓΕΙΡΟΝΤΑΙ ΥΠΟΝΟΙΑΙ ΠΕΡΙ ΕΓΚΛΗΜΑΤΟΣ

Σήμερον τὴν πρωίαν ἀνευρέθη εἰς τὸ Φάληρον πτῶμα ἀγνώστου γυναικός. Αἱ ἀρχαὶ ὑποπτεύονται ὅτι πρόκειται περὶ ἐγκλήματος.

καὶ τὰ μέτρα τῆς Κυβερνήσεως διὰ τὴν τάξιν ἐλήφθησαν ἀμέσως κατὰ τὰς ὁδηγίας τοῦ ὑπουργείου, ἐνῷ αἱ ἀρχαὶ ἐπιληφθεῖσαι τοῦ ζητήματος ἐξακολουθοῦν τὰς ἀνακρίσεις μὲ κάθε δυνατὴν ἐπιμέλειαν καὶ ἀναμένεται ὅπως ἐντὸς τῶν ἡμερῶν καταστῇ γνωστὸν τὸ ἀποτέλεσμα τῶν ἐρευνῶν. Ἡ ὑπόθεσις προκαλεῖ ζωηρὰν ἐντύπωσιν εἰς τοὺς κύκλους τῆς πρωτευούσης καὶ σχολιάζεται ποικιλοτρόπως ὑπὸ τοῦ Τύπου. Κατὰ τὰς πληροφορίας μας ἡ κατάστασις παρακολουθεῖται στενῶς καὶ ἀναμένονται νεώτεραι εἰδήσεις ἐκ τῶν ἁρμοδίων ὑπηρεσιῶν, αἱ ὁποῖαι ἐξετάζουν τὸ θέμα ἐπισταμένως καὶ θὰ ἀνακοινώσουν τὰ πορίσματά των.

καὶ τὰ μέτρα τῆς Κυβερνήσεως διὰ τὴν τάξιν ἐλήφθησαν ἀμέσως κατὰ τὰς ὁδηγίας τοῦ ὑπουργείου, ἐνῷ αἱ ἀρχαὶ ἐπιληφθεῖσαι τοῦ ζητήματος ἐξακολουθοῦν τὰς ἀνακρίσεις μὲ κάθε δυνατὴν ἐπιμέλειαν καὶ ἀναμένεται ὅπως ἐντὸς τῶν ἡμερῶν καταστῇ γνωστὸν τὸ ἀποτέλεσμα τῶν ἐρευνῶν. Ἡ ὑπόθεσις προκαλεῖ ζωηρὰν ἐντύπωσιν εἰς τοὺς κύκλους τῆς πρωτευούσης καὶ σχολιάζεται ποικιλοτρόπως ὑπὸ τοῦ Τύπου. Κατὰ τὰς πληροφορίας μας ἡ κατάστασις παρακολουθεῖται στενῶς καὶ ἀναμένονται νεώτεραι εἰδήσεις ἐκ τῶν ἁρμοδίων ὑπηρεσιῶν, αἱ ὁποῖαι ἐξετάζουν τὸ θέμα ἐπισταμένως καὶ θὰ ἀνακοινώσουν τὰ πορίσματά των.

Ο ΦΟΡΟΣ ΤΗΣ ΟΥΛΕΝ
ΔΕΝ ΘΑ ΠΑΡΑΤΑΘΗ

καὶ τὰ μέτρα τῆς Κυβερνήσεως διὰ τὴν τάξιν ἐλήφθησαν ἀμέσως κατὰ τὰς ὁδηγίας τοῦ ὑπουργείου, ἐνῷ αἱ ἀρχαὶ ἐπιληφθεῖσαι τοῦ ζητήματος ἐξακολουθοῦν τὰς ἀνακρίσεις μὲ κάθε δυνατὴν ἐπιμέλειαν καὶ ἀναμένεται ὅπως ἐντὸς τῶν ἡμερῶν καταστῇ γνωστὸν τὸ ἀποτέλεσμα τῶν ἐρευνῶν. Ἡ ὑπόθεσις προκαλεῖ ζωηρὰν ἐντύπωσιν εἰς τοὺς κύκλους τῆς πρωτευούσης καὶ σχολιάζεται ποικιλοτρόπως ὑπὸ τοῦ Τύπου. Κατὰ τὰς πληροφορίας μας ἡ κατάστασις παρακολουθεῖται στενῶς καὶ ἀναμένονται νεώτεραι εἰδήσεις ἐκ τῶν ἁρμοδίων ὑπηρεσιῶν, αἱ ὁποῖαι ἐξετάζουν τὸ θέμα ἐπισταμένως καὶ θὰ ἀνακοινώσουν τὰ πορίσματά των.

ΣΥΛΛΗΨΙΣ ΚΟΜΜΟΥΝΙΣΤΩΝ
ΕΙΣ ΤΟΥΣ ΠΟΔΑΡΑΔΕΣ

Σήμερον συνελήφθη εἰς τοὺς Ποδαράδες ὁ κομμουνιστὴς Ε. Παππᾶ καὶ ἡ κομμουνίστρια Ἑλένη Παππᾶ.

καὶ τὰ μέτρα τῆς Κυβερνήσεως διὰ τὴν τάξιν ἐλήφθησαν ἀμέσως κατὰ τὰς ὁδηγίας τοῦ ὑπουργείου, ἐνῷ αἱ ἀρχαὶ ἐπιληφθεῖσαι τοῦ ζητήματος ἐξακολουθοῦν τὰς ἀνακρίσεις μὲ κάθε δυνατὴν ἐπιμέλειαν καὶ ἀναμένεται ὅπως ἐντὸς τῶν ἡμερῶν καταστῇ γνωστὸν τὸ ἀποτέλεσμα τῶν ἐρευνῶν. Ἡ ὑπόθεσις προκαλεῖ ζωηρὰν ἐντύπωσιν εἰς τοὺς κύκλους τῆς πρωτευούσης καὶ σχολιάζεται ποικιλοτρόπως ὑπὸ τοῦ Τύπου. Κατὰ τὰς πληροφορίας μας ἡ κατάστασις παρακολουθεῖται στενῶς καὶ ἀναμένονται νεώτεραι εἰδήσεις ἐκ τῶν ἁρμοδίων ὑπηρεσιῶν, αἱ ὁποῖαι ἐξετάζουν τὸ θέμα ἐπισταμένως καὶ θὰ ἀνακοινώσουν τὰ πορίσματά των.
